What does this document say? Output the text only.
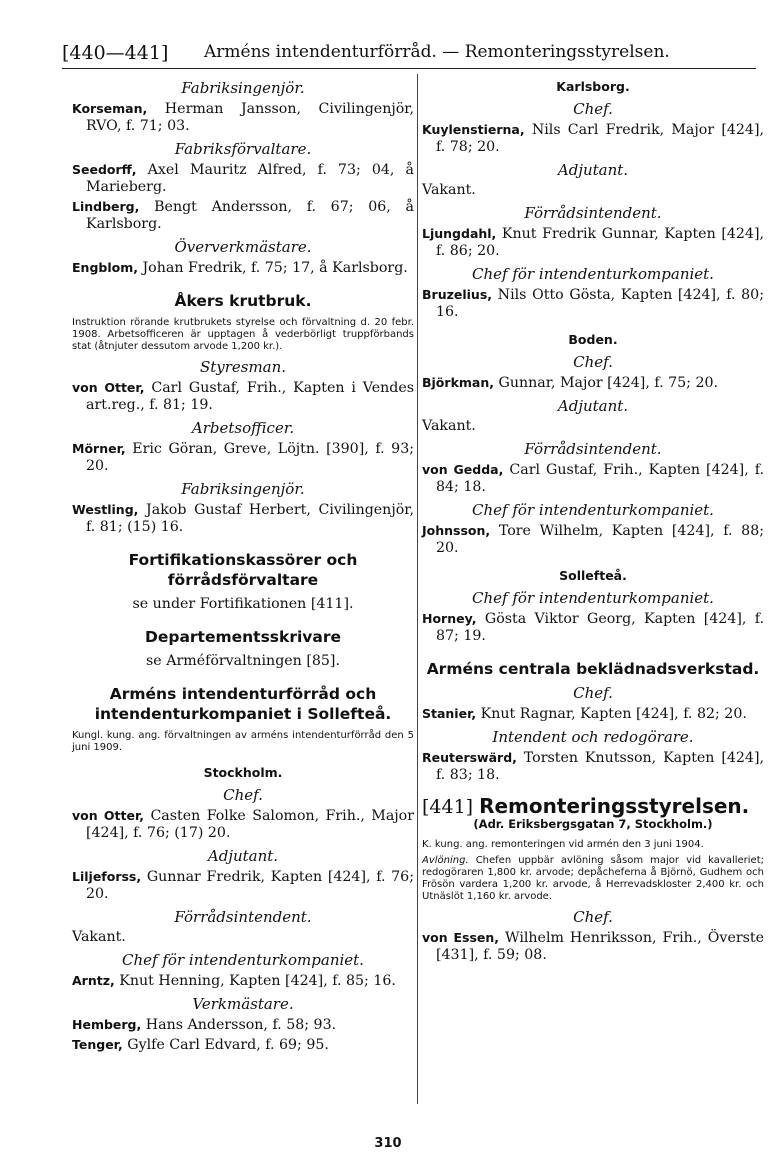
[440—441] Arméns intendenturförråd. — Remonteringsstyrelsen.
Fabriksingenjör.
Korseman, Herman Jansson, Civilingenjör, RVO, f. 71; 03.
Fabriksförvaltare.
Seedorff, Axel Mauritz Alfred, f. 73; 04, å Marieberg.
Lindberg, Bengt Andersson, f. 67; 06, å Karlsborg.
Öververkmästare.
Engblom, Johan Fredrik, f. 75; 17, å Karlsborg.
Åkers krutbruk.
Instruktion rörande krutbrukets styrelse och förvaltning d. 20 febr. 1908. Arbetsofficeren är upptagen å vederbörligt truppförbands stat (åtnjuter dessutom arvode 1,200 kr.).
Styresman.
von Otter, Carl Gustaf, Frih., Kapten i Vendes art.reg., f. 81; 19.
Arbetsofficer.
Mörner, Eric Göran, Greve, Löjtn. [390], f. 93; 20.
Fabriksingenjör.
Westling, Jakob Gustaf Herbert, Civilingenjör, f. 81; (15) 16.
Fortifikationskassörer och förrådsförvaltare
se under Fortifikationen [411].
Departementsskrivare
se Arméförvaltningen [85].
Arméns intendenturförråd och intendenturkompaniet i Sollefteå.
Kungl. kung. ang. förvaltningen av arméns intendenturförråd den 5 juni 1909.
Stockholm.
Chef.
von Otter, Casten Folke Salomon, Frih., Major [424], f. 76; (17) 20.
Adjutant.
Liljeforss, Gunnar Fredrik, Kapten [424], f. 76; 20.
Förrådsintendent.
Vakant.
Chef för intendenturkompaniet.
Arntz, Knut Henning, Kapten [424], f. 85; 16.
Verkmästare.
Hemberg, Hans Andersson, f. 58; 93.
Tenger, Gylfe Carl Edvard, f. 69; 95.
Karlsborg.
Chef.
Kuylenstierna, Nils Carl Fredrik, Major [424], f. 78; 20.
Adjutant.
Vakant.
Förrådsintendent.
Ljungdahl, Knut Fredrik Gunnar, Kapten [424], f. 86; 20.
Chef för intendenturkompaniet.
Bruzelius, Nils Otto Gösta, Kapten [424], f. 80; 16.
Boden.
Chef.
Björkman, Gunnar, Major [424], f. 75; 20.
Adjutant.
Vakant.
Förrådsintendent.
von Gedda, Carl Gustaf, Frih., Kapten [424], f. 84; 18.
Chef för intendenturkompaniet.
Johnsson, Tore Wilhelm, Kapten [424], f. 88; 20.
Sollefteå.
Chef för intendenturkompaniet.
Horney, Gösta Viktor Georg, Kapten [424], f. 87; 19.
Arméns centrala beklädnadsverkstad.
Chef.
Stanier, Knut Ragnar, Kapten [424], f. 82; 20.
Intendent och redogörare.
Reuterswärd, Torsten Knutsson, Kapten [424], f. 83; 18.
[441] Remonteringsstyrelsen.
(Adr. Eriksbergsgatan 7, Stockholm.)
K. kung. ang. remonteringen vid armén den 3 juni 1904.
Avlöning. Chefen uppbär avlöning såsom major vid kavalleriet; redogöraren 1,800 kr. arvode; depåcheferna å Björnö, Gudhem och Frösön vardera 1,200 kr. arvode, å Herrevadskloster 2,400 kr. och Utnäslöt 1,160 kr. arvode.
Chef.
von Essen, Wilhelm Henriksson, Frih., Överste [431], f. 59; 08.
310
